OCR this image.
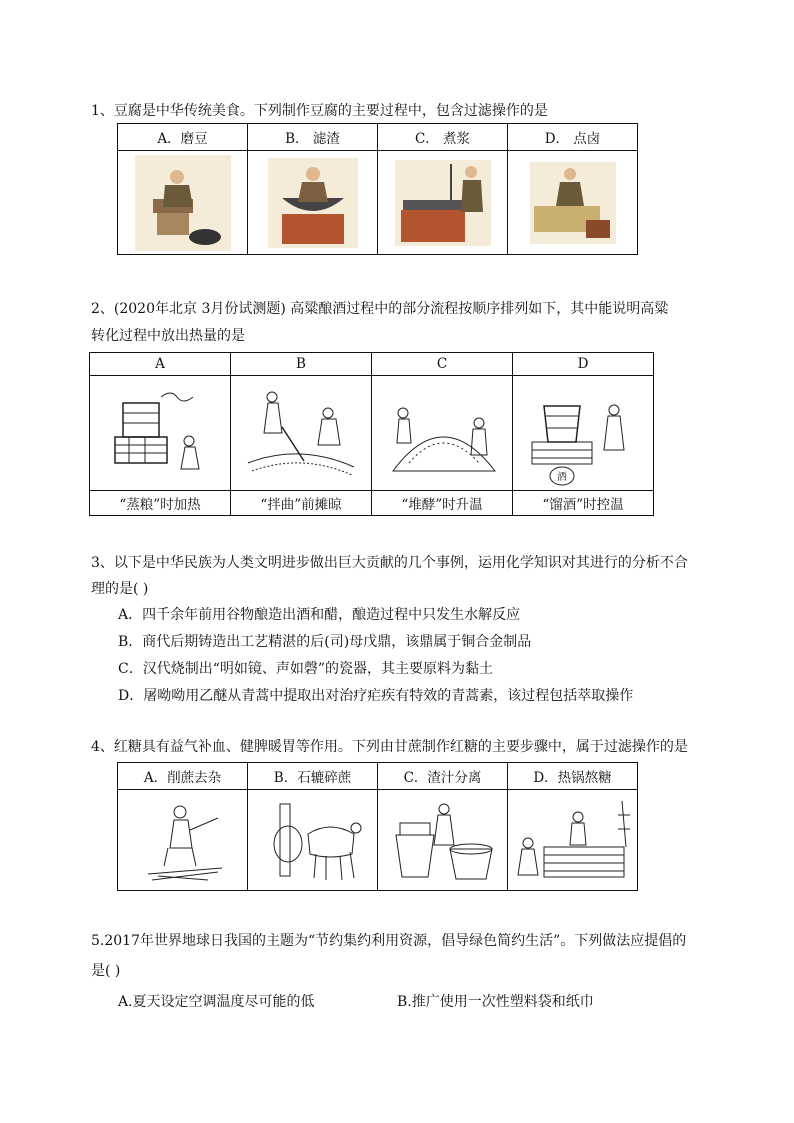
1、豆腐是中华传统美食。下列制作豆腐的主要过程中，包含过滤操作的是
A．磨豆	B． 滤渣	C． 煮浆	D． 点卤

2、(2020年北京 3月份试测题) 高粱酿酒过程中的部分流程按顺序排列如下，其中能说明高粱
转化过程中放出热量的是
A	B	C	D

酒

“蒸粮”时加热	“拌曲”前摊晾	“堆酵”时升温	“馏酒”时控温
3、以下是中华民族为人类文明进步做出巨大贡献的几个事例，运用化学知识对其进行的分析不合
理的是( )
A．四千余年前用谷物酿造出酒和醋，酿造过程中只发生水解反应
B．商代后期铸造出工艺精湛的后(司)母戊鼎，该鼎属于铜合金制品
C．汉代烧制出“明如镜、声如磬”的瓷器，其主要原料为黏土
D．屠呦呦用乙醚从青蒿中提取出对治疗疟疾有特效的青蒿素，该过程包括萃取操作
4、红糖具有益气补血、健脾暖胃等作用。下列由甘蔗制作红糖的主要步骤中，属于过滤操作的是
A．削蔗去杂	B．石辘碎蔗	C．渣汁分离	D．热锅熬糖

5.2017年世界地球日我国的主题为“节约集约利用资源，倡导绿色简约生活”。下列做法应提倡的
是( )
A.夏天设定空调温度尽可能的低	B.推广使用一次性塑料袋和纸巾
